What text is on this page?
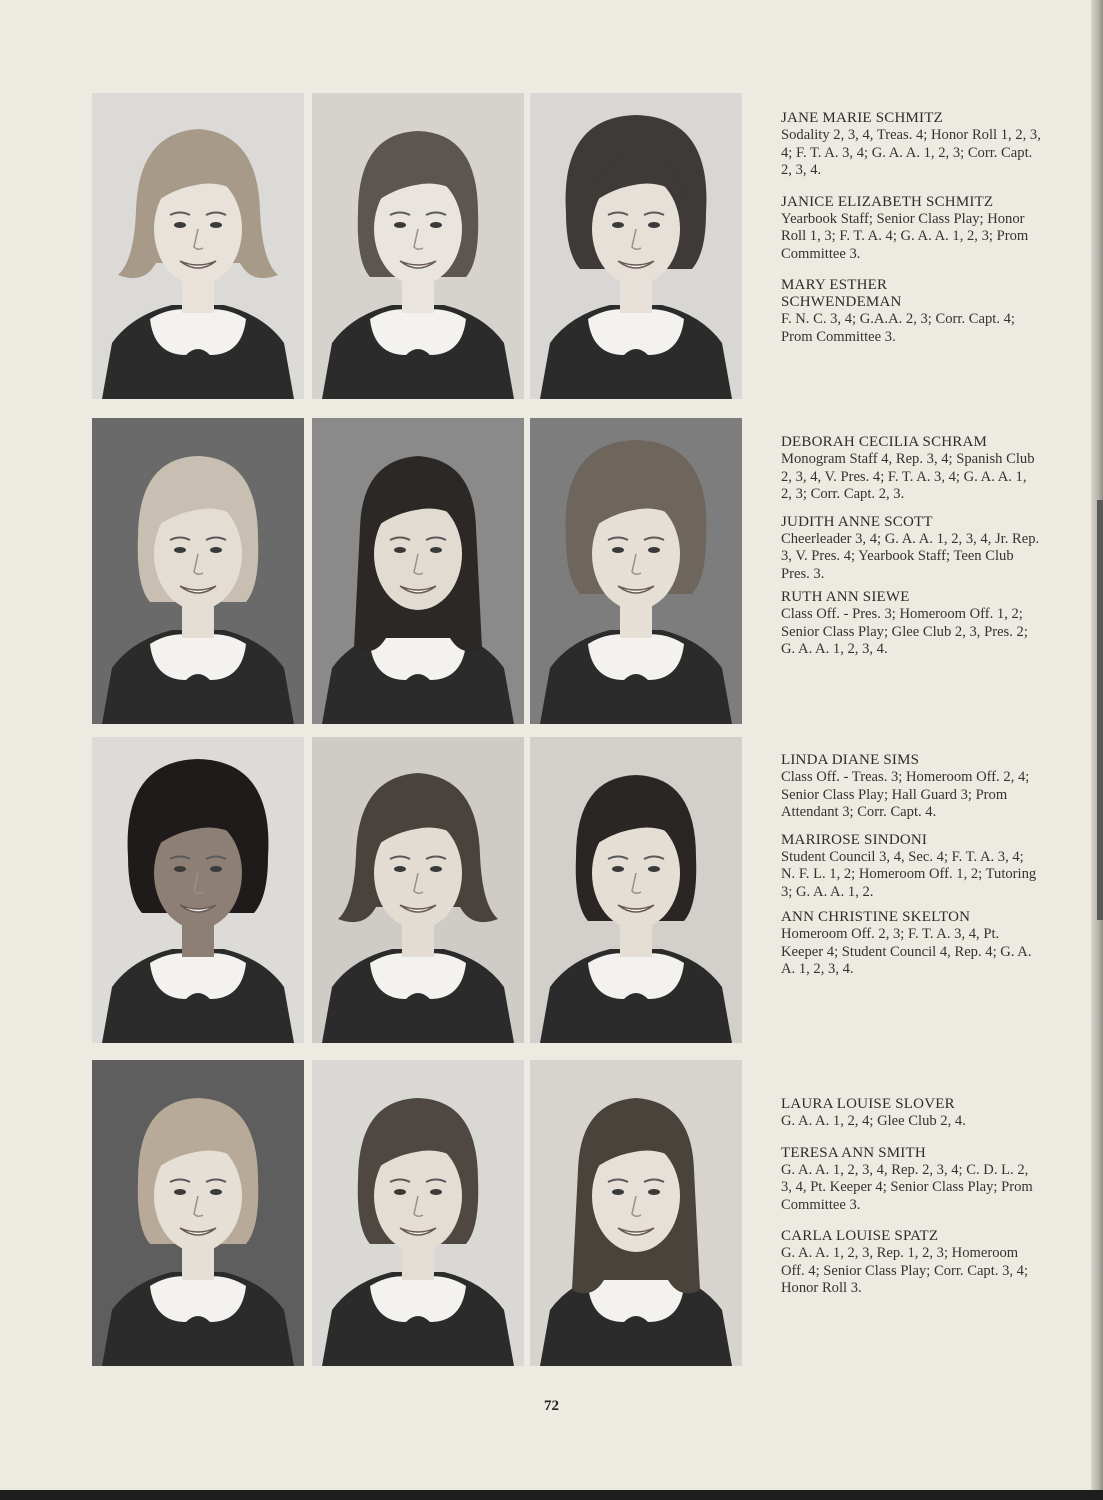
JANE MARIE SCHMITZ
Sodality 2, 3, 4, Treas. 4; Honor Roll 1, 2, 3, 4; F. T. A. 3, 4; G. A. A. 1, 2, 3; Corr. Capt. 2, 3, 4.
JANICE ELIZABETH SCHMITZ
Yearbook Staff; Senior Class Play; Honor Roll 1, 3; F. T. A. 4; G. A. A. 1, 2, 3; Prom Committee 3.
MARY ESTHER
SCHWENDEMAN
F. N. C. 3, 4; G.A.A. 2, 3; Corr. Capt. 4; Prom Committee 3.
DEBORAH CECILIA SCHRAM
Monogram Staff 4, Rep. 3, 4; Spanish Club 2, 3, 4, V. Pres. 4; F. T. A. 3, 4; G. A. A. 1, 2, 3; Corr. Capt. 2, 3.
JUDITH ANNE SCOTT
Cheerleader 3, 4; G. A. A. 1, 2, 3, 4, Jr. Rep. 3, V. Pres. 4; Yearbook Staff; Teen Club Pres. 3.
RUTH ANN SIEWE
Class Off. - Pres. 3; Homeroom Off. 1, 2; Senior Class Play; Glee Club 2, 3, Pres. 2; G. A. A. 1, 2, 3, 4.
LINDA DIANE SIMS
Class Off. - Treas. 3; Homeroom Off. 2, 4; Senior Class Play; Hall Guard 3; Prom Attendant 3; Corr. Capt. 4.
MARIROSE SINDONI
Student Council 3, 4, Sec. 4; F. T. A. 3, 4; N. F. L. 1, 2; Homeroom Off. 1, 2; Tutoring 3; G. A. A. 1, 2.
ANN CHRISTINE SKELTON
Homeroom Off. 2, 3; F. T. A. 3, 4, Pt. Keeper 4; Student Council 4, Rep. 4; G. A. A. 1, 2, 3, 4.
LAURA LOUISE SLOVER
G. A. A. 1, 2, 4; Glee Club 2, 4.
TERESA ANN SMITH
G. A. A. 1, 2, 3, 4, Rep. 2, 3, 4; C. D. L. 2, 3, 4, Pt. Keeper 4; Senior Class Play; Prom Committee 3.
CARLA LOUISE SPATZ
G. A. A. 1, 2, 3, Rep. 1, 2, 3; Homeroom Off. 4; Senior Class Play; Corr. Capt. 3, 4; Honor Roll 3.
72
